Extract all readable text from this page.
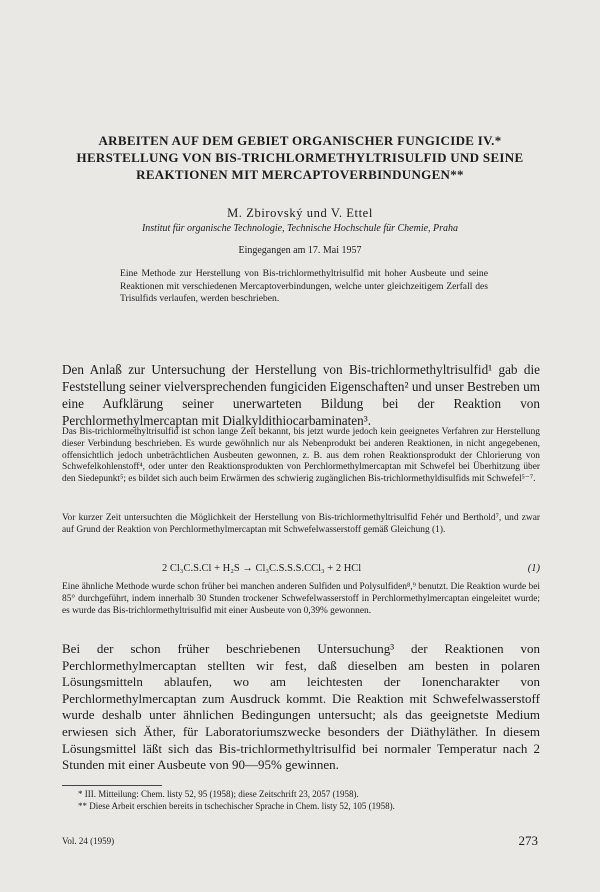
ARBEITEN AUF DEM GEBIET ORGANISCHER FUNGICIDE IV.*
HERSTELLUNG VON BIS-TRICHLORMETHYLTRISULFID UND SEINE
REAKTIONEN MIT MERCAPTOVERBINDUNGEN**
M. Zbirovský und V. Ettel
Institut für organische Technologie, Technische Hochschule für Chemie, Praha
Eingegangen am 17. Mai 1957
Eine Methode zur Herstellung von Bis-trichlormethyltrisulfid mit hoher Ausbeute und seine Reaktionen mit verschiedenen Mercaptoverbindungen, welche unter gleichzeitigem Zerfall des Trisulfids verlaufen, werden beschrieben.
Den Anlaß zur Untersuchung der Herstellung von Bis-trichlormethyltrisulfid¹ gab die Feststellung seiner vielversprechenden fungiciden Eigenschaften² und unser Bestreben um eine Aufklärung seiner unerwarteten Bildung bei der Reaktion von Perchlormethylmercaptan mit Dialkyldithiocarbaminaten³.
Das Bis-trichlormethyltrisulfid ist schon lange Zeit bekannt, bis jetzt wurde jedoch kein geeignetes Verfahren zur Herstellung dieser Verbindung beschrieben. Es wurde gewöhnlich nur als Nebenprodukt bei anderen Reaktionen, in nicht angegebenen, offensichtlich jedoch unbeträchtlichen Ausbeuten gewonnen, z. B. aus dem rohen Reaktionsprodukt der Chlorierung von Schwefelkohlenstoff⁴, oder unter den Reaktionsprodukten von Perchlormethylmercaptan mit Schwefel bei Überhitzung über den Siedepunkt⁵; es bildet sich auch beim Erwärmen des schwierig zugänglichen Bis-trichlormethyldisulfids mit Schwefel⁵⁻⁷.
Vor kurzer Zeit untersuchten die Möglichkeit der Herstellung von Bis-trichlormethyltrisulfid Fehér und Berthold⁷, und zwar auf Grund der Reaktion von Perchlormethylmercaptan mit Schwefelwasserstoff gemäß Gleichung (1).
2 Cl₃C.S.Cl + H₂S → Cl₃C.S.S.S.CCl₃ + 2 HCl	(1)
Eine ähnliche Methode wurde schon früher bei manchen anderen Sulfiden und Polysulfiden⁸,⁹ benutzt. Die Reaktion wurde bei 85° durchgeführt, indem innerhalb 30 Stunden trockener Schwefelwasserstoff in Perchlormethylmercaptan eingeleitet wurde; es wurde das Bis-trichlormethyltrisulfid mit einer Ausbeute von 0,39% gewonnen.
Bei der schon früher beschriebenen Untersuchung³ der Reaktionen von Perchlormethylmercaptan stellten wir fest, daß dieselben am besten in polaren Lösungsmitteln ablaufen, wo am leichtesten der Ionencharakter von Perchlormethylmercaptan zum Ausdruck kommt. Die Reaktion mit Schwefelwasserstoff wurde deshalb unter ähnlichen Bedingungen untersucht; als das geeignetste Medium erwiesen sich Äther, für Laboratoriumszwecke besonders der Diäthyläther. In diesem Lösungsmittel läßt sich das Bis-trichlormethyltrisulfid bei normaler Temperatur nach 2 Stunden mit einer Ausbeute von 90—95% gewinnen.
* III. Mitteilung: Chem. listy 52, 95 (1958); diese Zeitschrift 23, 2057 (1958).
** Diese Arbeit erschien bereits in tschechischer Sprache in Chem. listy 52, 105 (1958).
Vol. 24 (1959)	273
